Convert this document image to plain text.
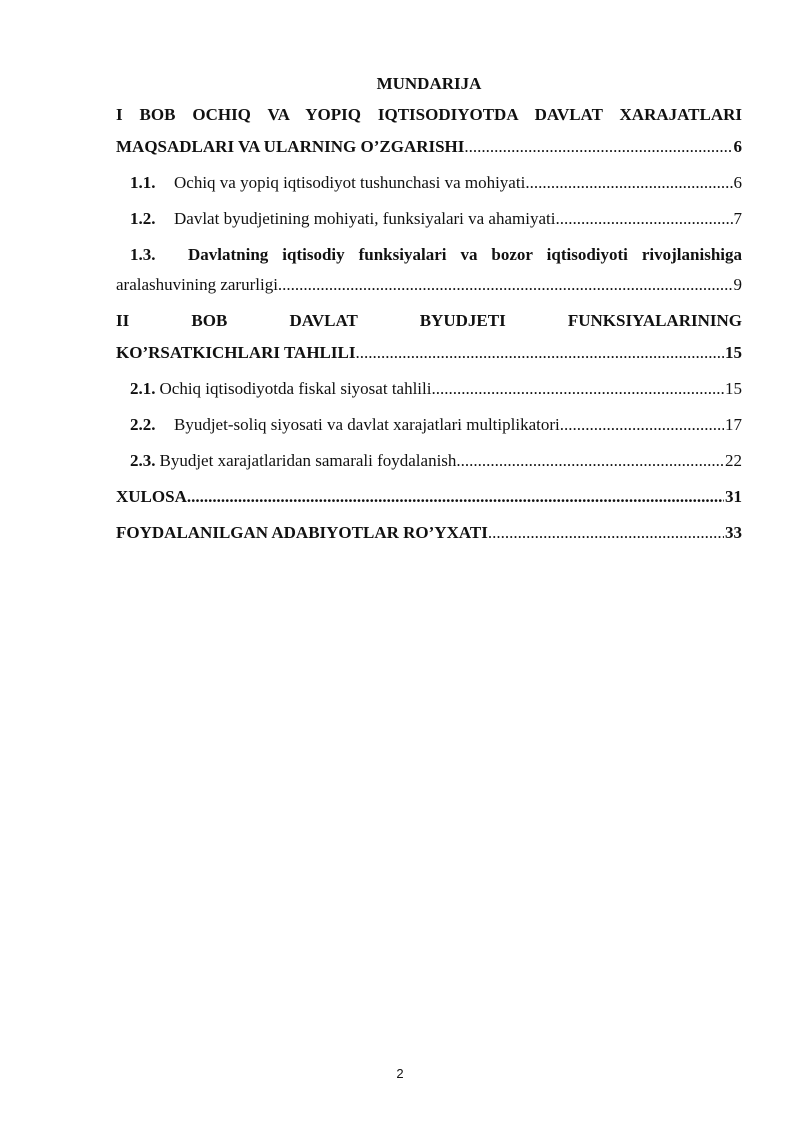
MUNDARIJA
I BOB OCHIQ VA YOPIQ IQTISODIYOTDA DAVLAT XARAJATLARI
MAQSADLARI VA ULARNING O’ZGARISHI .....	6
1.1.	Ochiq va yopiq iqtisodiyot tushunchasi va mohiyati .....	6
1.2.	Davlat byudjetining mohiyati, funksiyalari va ahamiyati .....	7
1.3. Davlatning iqtisodiy funksiyalari va bozor iqtisodiyoti rivojlanishiga
aralashuvining zarurligi .....	9
II BOB DAVLAT BYUDJETI FUNKSIYALARINING
KO’RSATKICHLARI TAHLILI .....	15
2.1. Ochiq iqtisodiyotda fiskal siyosat tahlili .....	15
2.2.	Byudjet-soliq siyosati va davlat xarajatlari multiplikatori .....	17
2.3. Byudjet xarajatlaridan samarali foydalanish .....	22
XULOSA .....	31
FOYDALANILGAN ADABIYOTLAR RO’YXATI .....	33
2
